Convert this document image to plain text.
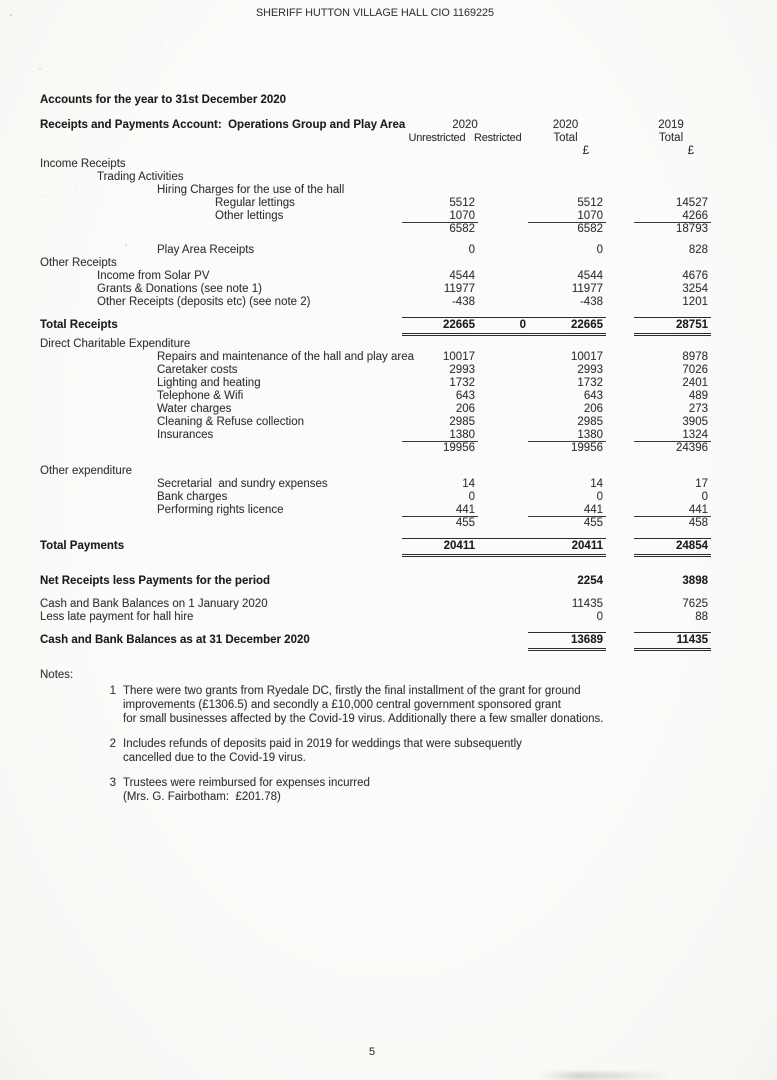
SHERIFF HUTTON VILLAGE HALL CIO 1169225
Accounts for the year to 31st December 2020
Receipts and Payments Account:  Operations Group and Play Area	2020	2020	2019
Unrestricted   Restricted	Total	Total
£	£
Income Receipts
Trading Activities
Hiring Charges for the use of the hall
Regular lettings	5512	5512	14527
Other lettings	1070	1070	4266
6582	6582	18793
Play Area Receipts	0	0	828
Other Receipts
Income from Solar PV	4544	4544	4676
Grants & Donations (see note 1)	11977	11977	3254
Other Receipts (deposits etc) (see note 2)	-438	-438	1201
Total Receipts	22665	0	22665	28751
Direct Charitable Expenditure
Repairs and maintenance of the hall and play area	10017	10017	8978
Caretaker costs	2993	2993	7026
Lighting and heating	1732	1732	2401
Telephone & Wifi	643	643	489
Water charges	206	206	273
Cleaning & Refuse collection	2985	2985	3905
Insurances	1380	1380	1324
19956	19956	24396
Other expenditure
Secretarial  and sundry expenses	14	14	17
Bank charges	0	0	0
Performing rights licence	441	441	441
455	455	458
Total Payments	20411	20411	24854
Net Receipts less Payments for the period	2254	3898
Cash and Bank Balances on 1 January 2020	11435	7625
Less late payment for hall hire	0	88
Cash and Bank Balances as at 31 December 2020	13689	11435
Notes:
1 There were two grants from Ryedale DC, firstly the final installment of the grant for ground
improvements (£1306.5) and secondly a £10,000 central government sponsored grant
for small businesses affected by the Covid-19 virus. Additionally there a few smaller donations.
2 Includes refunds of deposits paid in 2019 for weddings that were subsequently
cancelled due to the Covid-19 virus.
3 Trustees were reimbursed for expenses incurred
(Mrs. G. Fairbotham:  £201.78)
5
